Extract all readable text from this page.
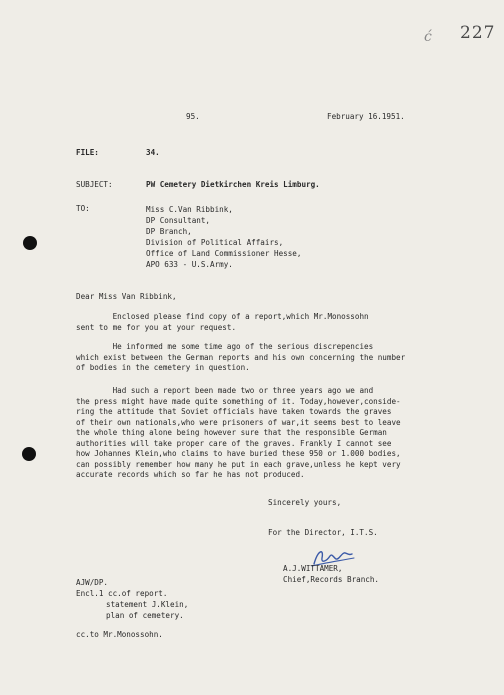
ć 227
95.	February 16.1951.
FILE:	34.
SUBJECT:	PW Cemetery Dietkirchen Kreis Limburg.
TO:	Miss C.Van Ribbink,
DP Consultant,
DP Branch,
Division of Political Affairs,
Office of Land Commissioner Hesse,
APO 633 - U.S.Army.
Dear Miss Van Ribbink,
Enclosed please find copy of a report,which Mr.Monossohn
sent to me for you at your request.
He informed me some time ago of the serious discrepencies
which exist between the German reports and his own concerning the number
of bodies in the cemetery in question.
Had such a report been made two or three years ago we and
the press might have made quite something of it. Today,however,conside-
ring the attitude that Soviet officials have taken towards the graves
of their own nationals,who were prisoners of war,it seems best to leave
the whole thing alone being however sure that the responsible German
authorities will take proper care of the graves. Frankly I cannot see
how Johannes Klein,who claims to have buried these 950 or 1.000 bodies,
can possibly remember how many he put in each grave,unless he kept very
accurate records which so far he has not produced.
Sincerely yours,
For the Director, I.T.S.
A.J.WITTAMER,
Chief,Records Branch.
AJW/DP.
Encl.1 cc.of report.
statement J.Klein,
plan of cemetery.
cc.to Mr.Monossohn.
